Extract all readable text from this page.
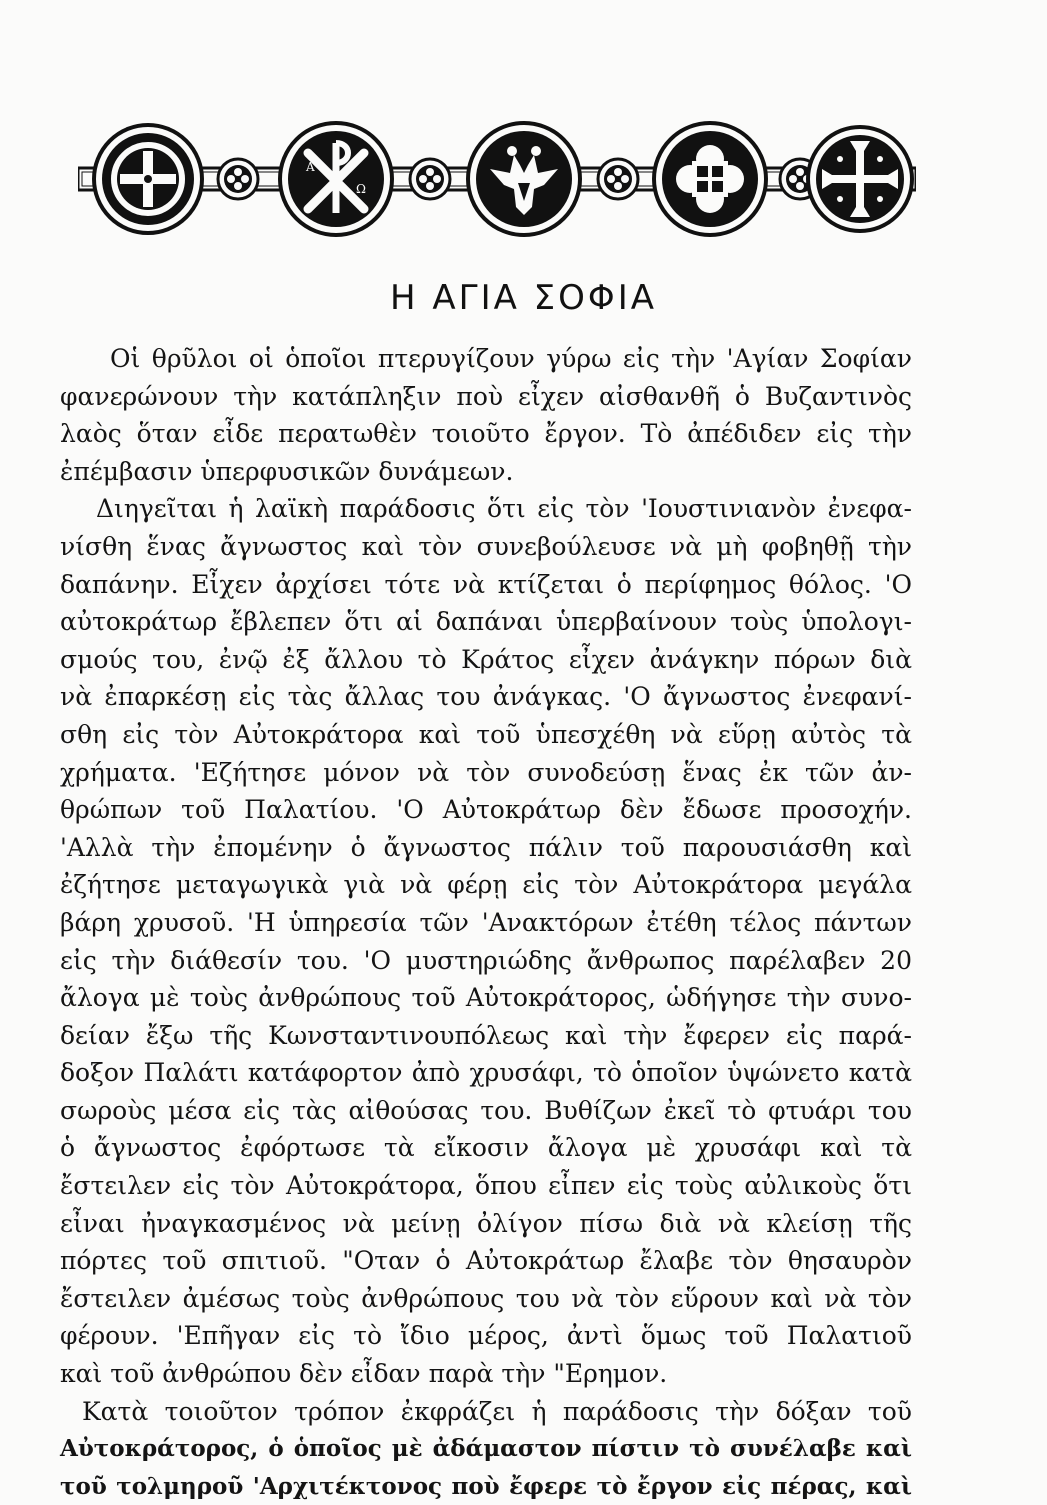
A
Ω
Η ΑΓΙΑ ΣΟΦΙΑ
Οἱ θρῦλοι οἱ ὁποῖοι πτερυγίζουν γύρω εἰς τὴν 'Αγίαν Σοφίαν
φανερώνουν τὴν κατάπληξιν ποὺ εἶχεν αἰσθανθῆ ὁ Βυζαντινὸς
λαὸς ὅταν εἶδε περατωθὲν τοιοῦτο ἔργον. Τὸ ἀπέδιδεν εἰς τὴν
ἐπέμβασιν ὑπερφυσικῶν δυνάμεων.
Διηγεῖται ἡ λαϊκὴ παράδοσις ὅτι εἰς τὸν 'Ιουστινιανὸν ἐνεφα-
νίσθη ἕνας ἄγνωστος καὶ τὸν συνεβούλευσε νὰ μὴ φοβηθῇ τὴν
δαπάνην. Εἶχεν ἀρχίσει τότε νὰ κτίζεται ὁ περίφημος θόλος. 'Ο
αὐτοκράτωρ ἔβλεπεν ὅτι αἱ δαπάναι ὑπερβαίνουν τοὺς ὑπολογι-
σμούς του, ἐνῷ ἐξ ἄλλου τὸ Κράτος εἶχεν ἀνάγκην πόρων διὰ
νὰ ἐπαρκέσῃ εἰς τὰς ἄλλας του ἀνάγκας. 'Ο ἄγνωστος ἐνεφανί-
σθη εἰς τὸν Αὐτοκράτορα καὶ τοῦ ὑπεσχέθη νὰ εὕρῃ αὐτὸς τὰ
χρήματα. 'Εζήτησε μόνον νὰ τὸν συνοδεύσῃ ἕνας ἐκ τῶν ἀν-
θρώπων τοῦ Παλατίου. 'Ο Αὐτοκράτωρ δὲν ἔδωσε προσοχήν.
'Αλλὰ τὴν ἐπομένην ὁ ἄγνωστος πάλιν τοῦ παρουσιάσθη καὶ
ἐζήτησε μεταγωγικὰ γιὰ νὰ φέρῃ εἰς τὸν Αὐτοκράτορα μεγάλα
βάρη χρυσοῦ. 'Η ὑπηρεσία τῶν 'Ανακτόρων ἐτέθη τέλος πάντων
εἰς τὴν διάθεσίν του. 'Ο μυστηριώδης ἄνθρωπος παρέλαβεν 20
ἄλογα μὲ τοὺς ἀνθρώπους τοῦ Αὐτοκράτορος, ὡδήγησε τὴν συνο-
δείαν ἔξω τῆς Κωνσταντινουπόλεως καὶ τὴν ἔφερεν εἰς παρά-
δοξον Παλάτι κατάφορτον ἀπὸ χρυσάφι, τὸ ὁποῖον ὑψώνετο κατὰ
σωροὺς μέσα εἰς τὰς αἰθούσας του. Βυθίζων ἐκεῖ τὸ φτυάρι του
ὁ ἄγνωστος ἐφόρτωσε τὰ εἴκοσιν ἄλογα μὲ χρυσάφι καὶ τὰ
ἔστειλεν εἰς τὸν Αὐτοκράτορα, ὅπου εἶπεν εἰς τοὺς αὐλικοὺς ὅτι
εἶναι ἠναγκασμένος νὰ μείνῃ ὀλίγον πίσω διὰ νὰ κλείσῃ τῆς
πόρτες τοῦ σπιτιοῦ. "Οταν ὁ Αὐτοκράτωρ ἔλαβε τὸν θησαυρὸν
ἔστειλεν ἀμέσως τοὺς ἀνθρώπους του νὰ τὸν εὕρουν καὶ νὰ τὸν
φέρουν. 'Επῆγαν εἰς τὸ ἴδιο μέρος, ἀντὶ ὅμως τοῦ Παλατιοῦ
καὶ τοῦ ἀνθρώπου δὲν εἶδαν παρὰ τὴν "Ερημον.
Κατὰ τοιοῦτον τρόπον ἐκφράζει ἡ παράδοσις τὴν δόξαν τοῦ
Αὐτοκράτορος, ὁ ὁποῖος μὲ ἀδάμαστον πίστιν τὸ συνέλαβε καὶ
τοῦ τολμηροῦ 'Αρχιτέκτονος ποὺ ἔφερε τὸ ἔργον εἰς πέρας, καὶ
